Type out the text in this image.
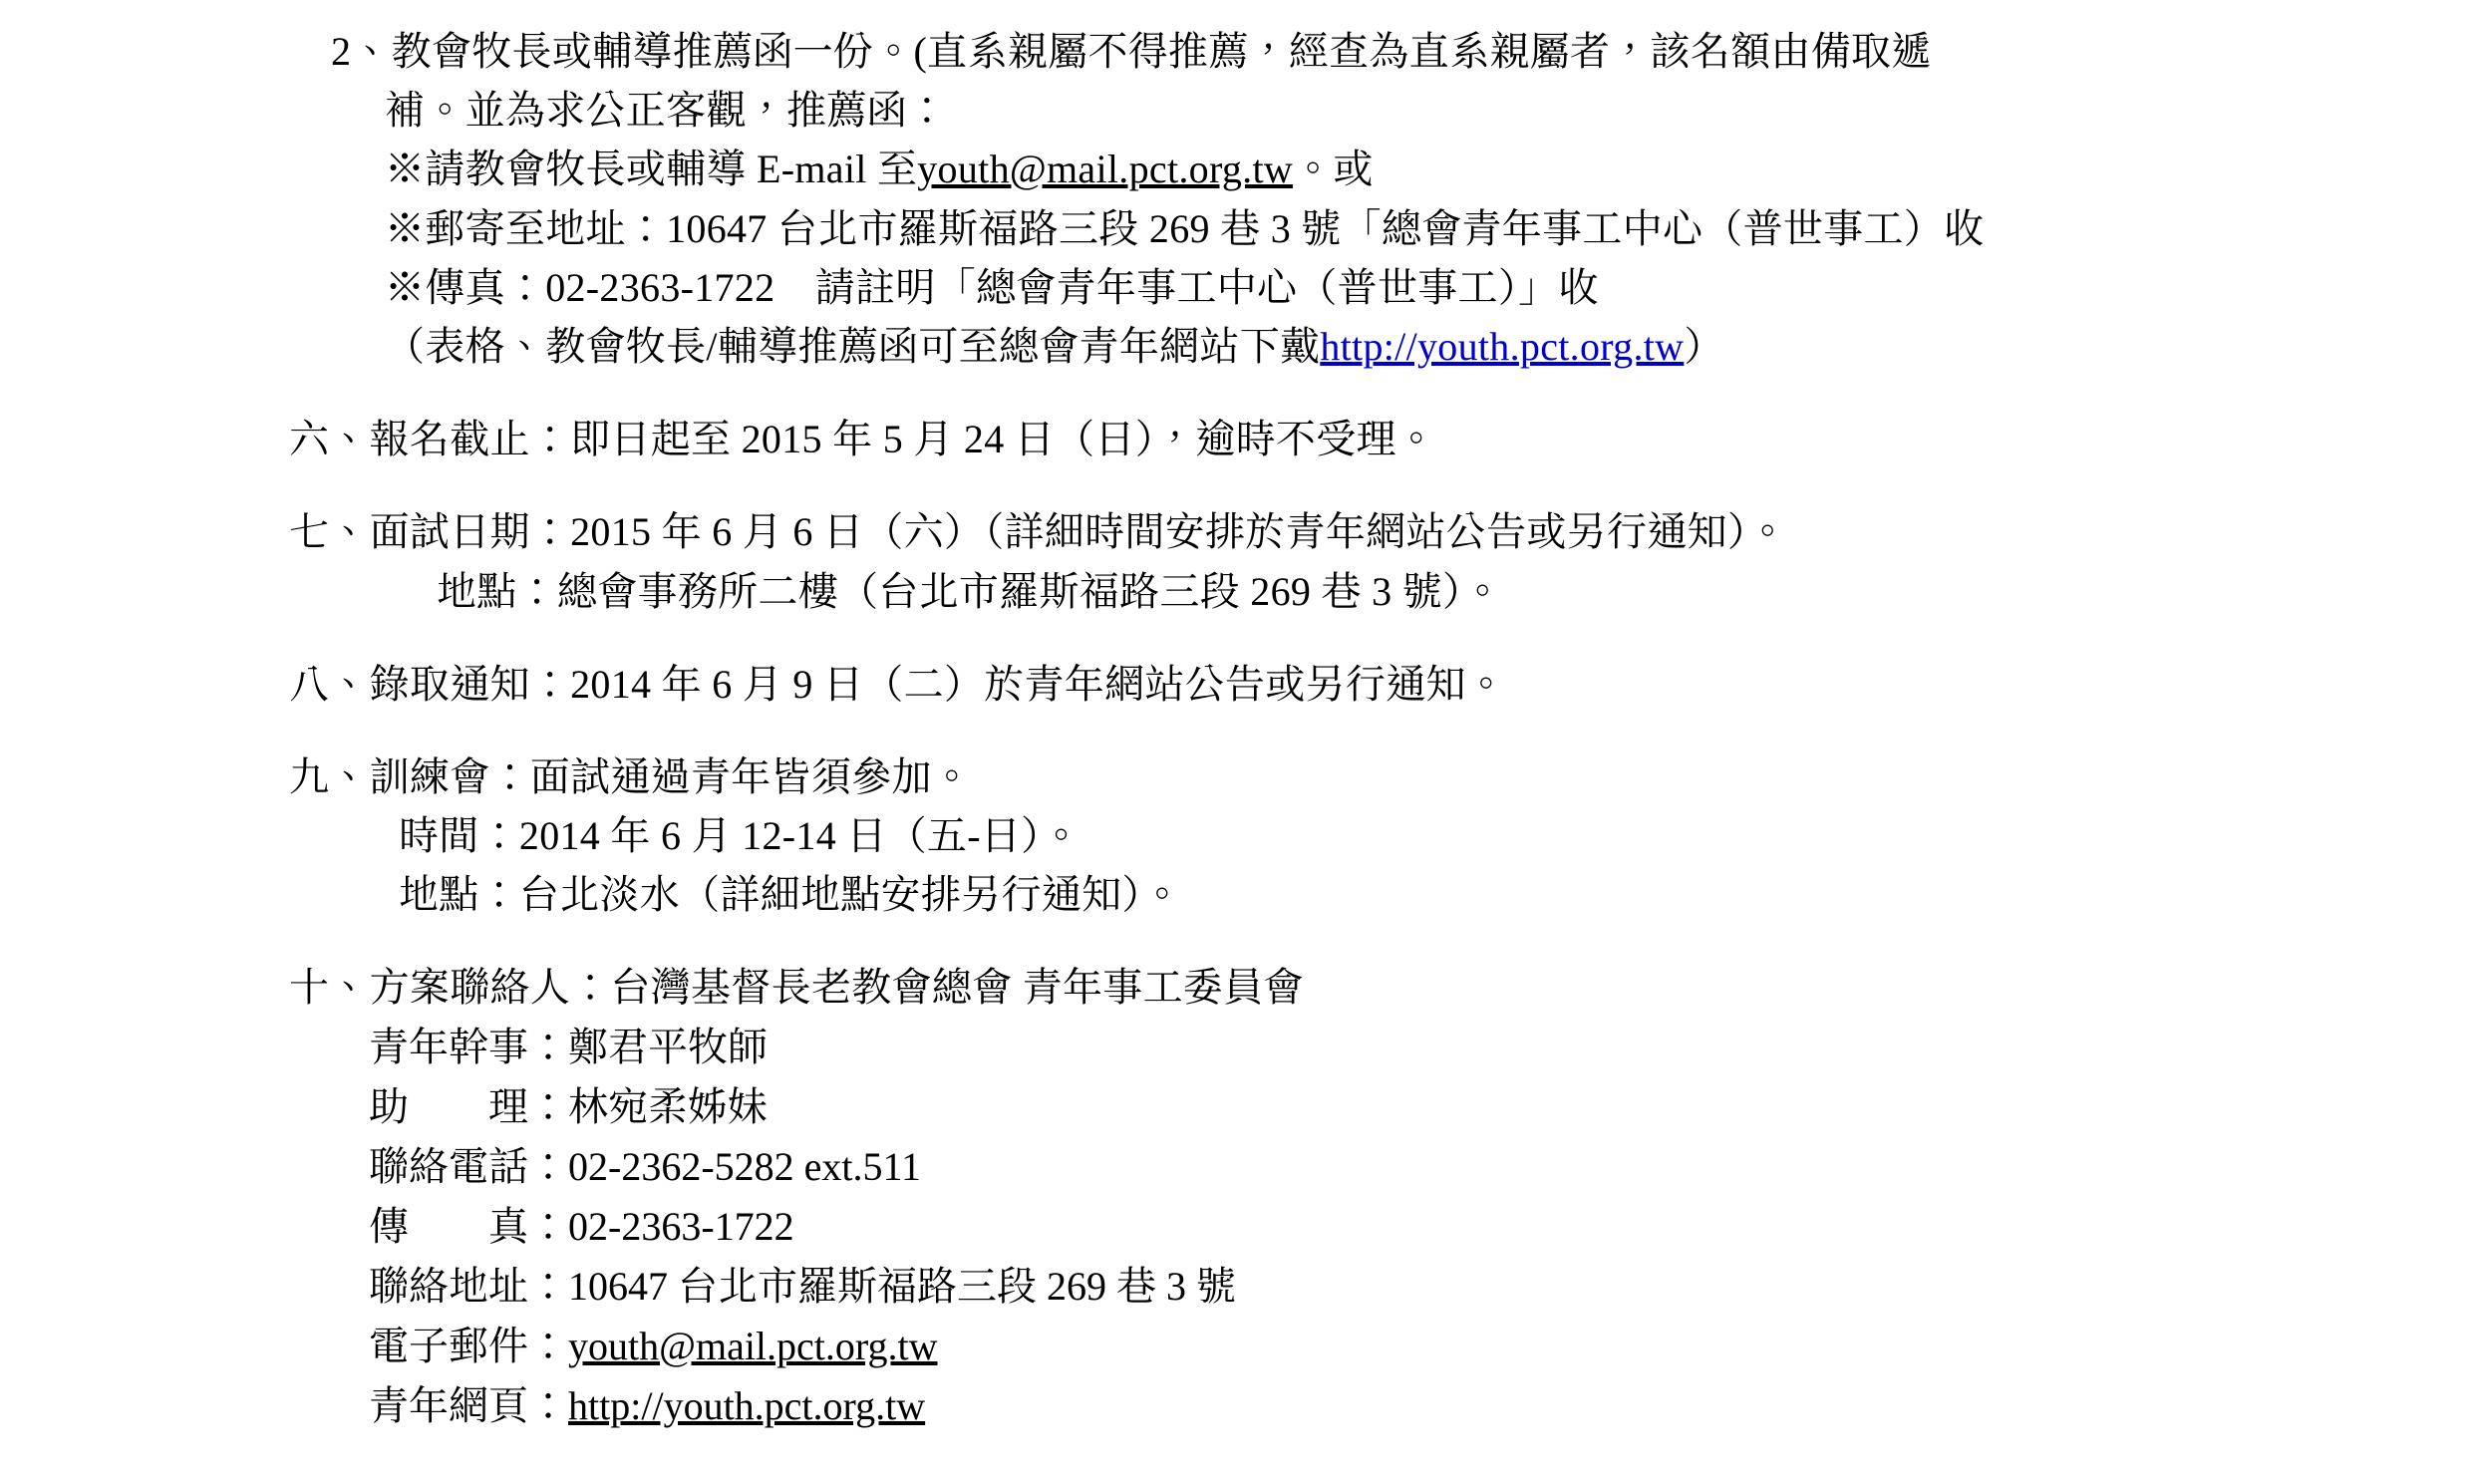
2、教會牧長或輔導推薦函一份。(直系親屬不得推薦，經查為直系親屬者，該名額由備取遞
補。並為求公正客觀，推薦函：
※請教會牧長或輔導 E-mail 至youth@mail.pct.org.tw。或
※郵寄至地址：10647 台北市羅斯福路三段 269 巷 3 號「總會青年事工中心（普世事工）收
※傳真：02-2363-1722　請註明「總會青年事工中心（普世事工）」收
（表格、教會牧長/輔導推薦函可至總會青年網站下戴http://youth.pct.org.tw）
六、報名截止：即日起至 2015 年 5 月 24 日（日），逾時不受理。
七、面試日期：2015 年 6 月 6 日（六）（詳細時間安排於青年網站公告或另行通知）。
地點：總會事務所二樓（台北市羅斯福路三段 269 巷 3 號）。
八、錄取通知：2014 年 6 月 9 日（二）於青年網站公告或另行通知。
九、訓練會：面試通過青年皆須參加。
時間：2014 年 6 月 12-14 日（五-日）。
地點：台北淡水（詳細地點安排另行通知）。
十、方案聯絡人：台灣基督長老教會總會 青年事工委員會
青年幹事：鄭君平牧師
助　　理：林宛柔姊妹
聯絡電話：02-2362-5282 ext.511
傳　　真：02-2363-1722
聯絡地址：10647 台北市羅斯福路三段 269 巷 3 號
電子郵件：youth@mail.pct.org.tw
青年網頁：http://youth.pct.org.tw
